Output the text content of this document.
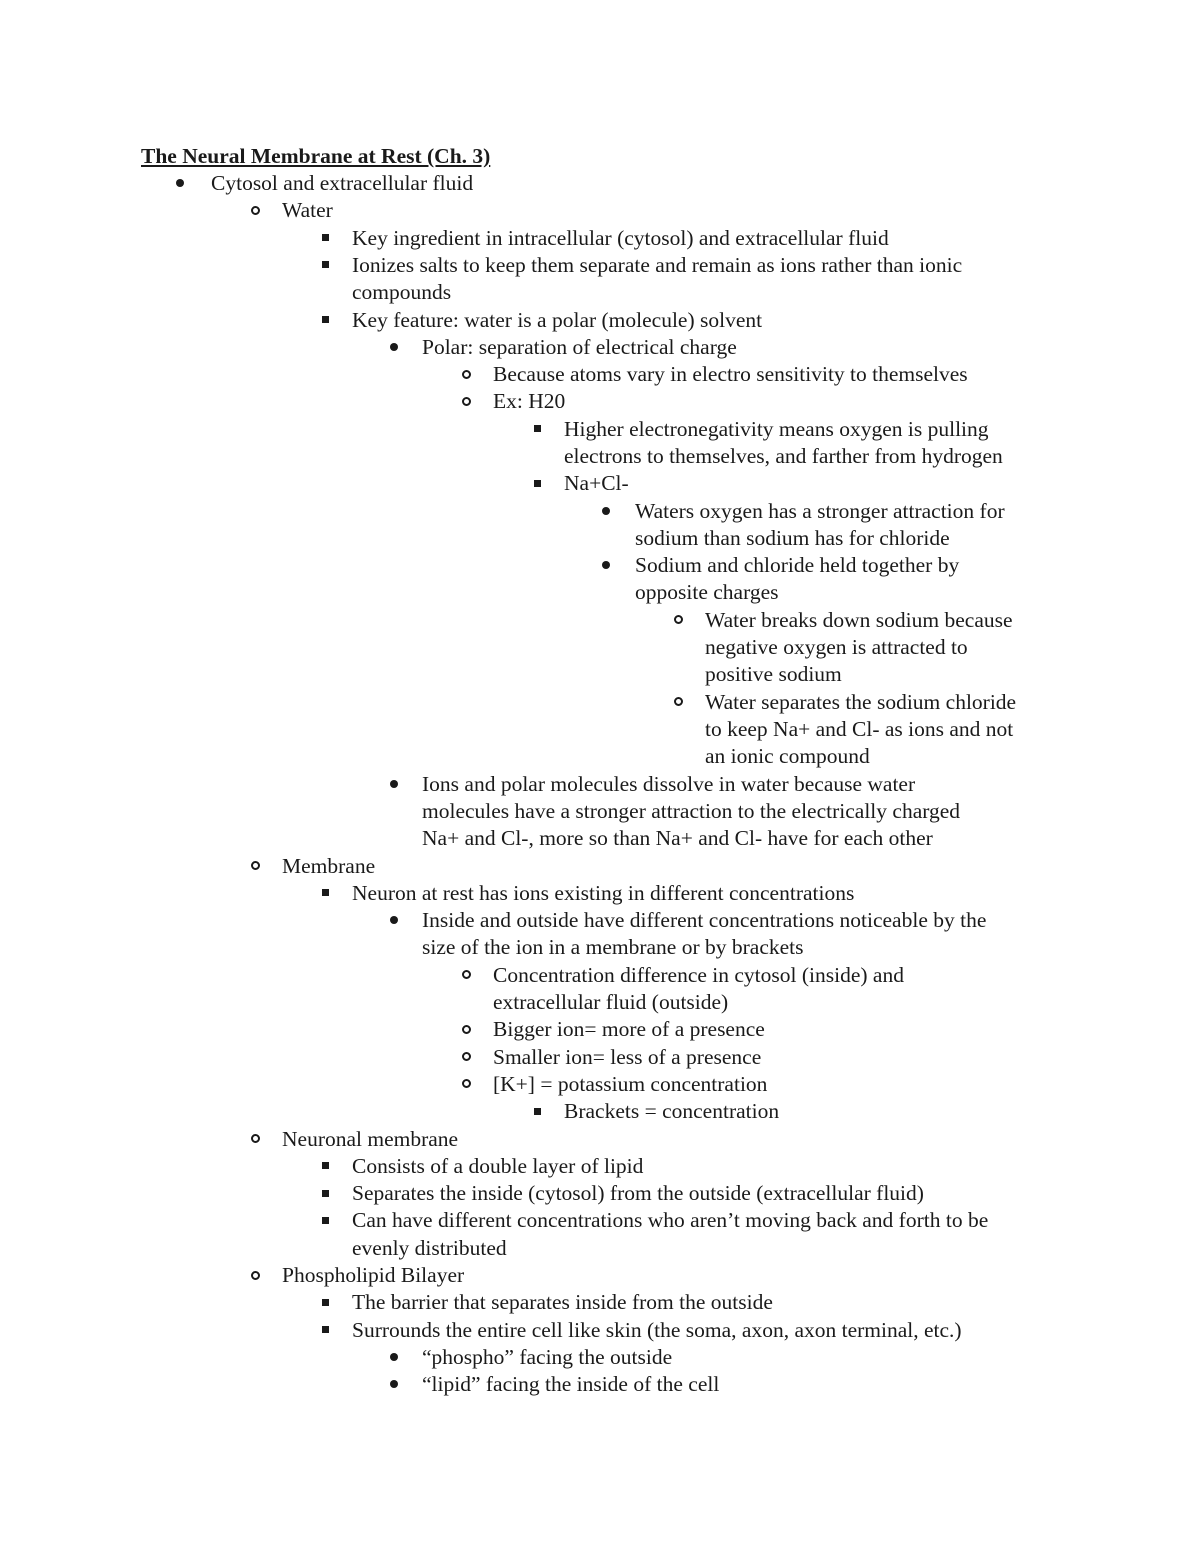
The Neural Membrane at Rest (Ch. 3)
Cytosol and extracellular fluid
Water
Key ingredient in intracellular (cytosol) and extracellular fluid
Ionizes salts to keep them separate and remain as ions rather than ionic
compounds
Key feature: water is a polar (molecule) solvent
Polar: separation of electrical charge
Because atoms vary in electro sensitivity to themselves
Ex: H20
Higher electronegativity means oxygen is pulling
electrons to themselves, and farther from hydrogen
Na+Cl-
Waters oxygen has a stronger attraction for
sodium than sodium has for chloride
Sodium and chloride held together by
opposite charges
Water breaks down sodium because
negative oxygen is attracted to
positive sodium
Water separates the sodium chloride
to keep Na+ and Cl- as ions and not
an ionic compound
Ions and polar molecules dissolve in water because water
molecules have a stronger attraction to the electrically charged
Na+ and Cl-, more so than Na+ and Cl- have for each other
Membrane
Neuron at rest has ions existing in different concentrations
Inside and outside have different concentrations noticeable by the
size of the ion in a membrane or by brackets
Concentration difference in cytosol (inside) and
extracellular fluid (outside)
Bigger ion= more of a presence
Smaller ion= less of a presence
[K+] = potassium concentration
Brackets = concentration
Neuronal membrane
Consists of a double layer of lipid
Separates the inside (cytosol) from the outside (extracellular fluid)
Can have different concentrations who aren’t moving back and forth to be
evenly distributed
Phospholipid Bilayer
The barrier that separates inside from the outside
Surrounds the entire cell like skin (the soma, axon, axon terminal, etc.)
“phospho” facing the outside
“lipid” facing the inside of the cell
